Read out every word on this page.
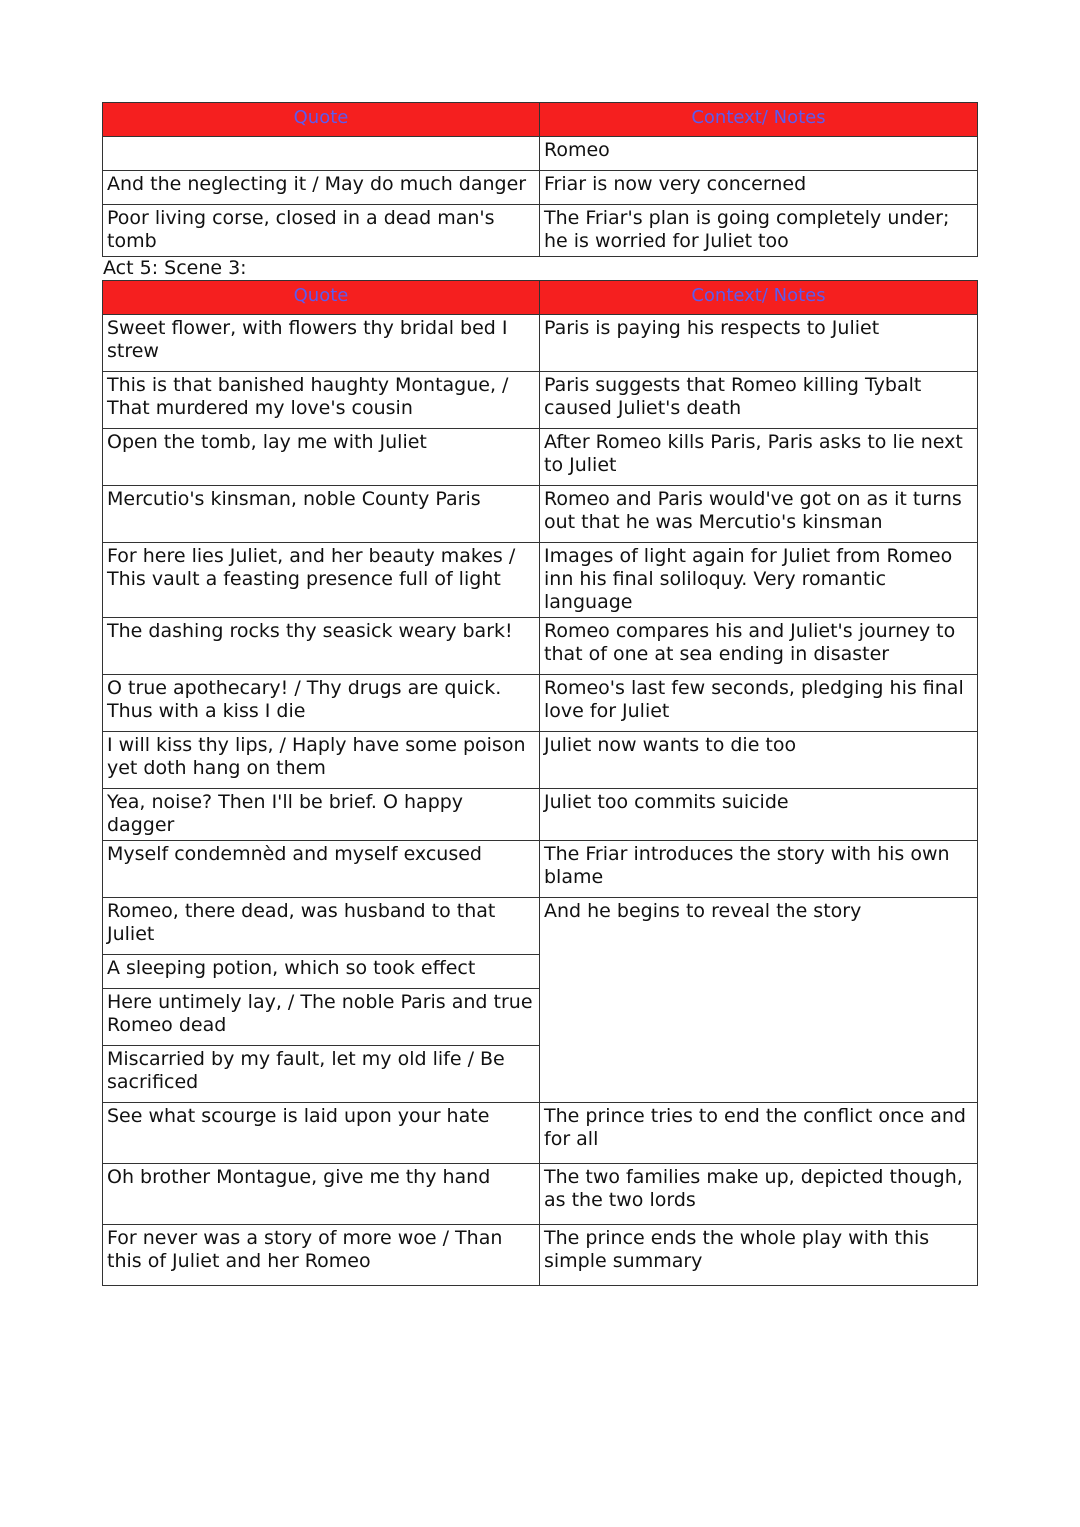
Quote	Context/ Notes
	Romeo
And the neglecting it / May do much danger	Friar is now very concerned
Poor living corse, closed in a dead man's tomb	The Friar's plan is going completely under; he is worried for Juliet too
Act 5: Scene 3:
Quote	Context/ Notes
Sweet flower, with flowers thy bridal bed I strew	Paris is paying his respects to Juliet
This is that banished haughty Montague, / That murdered my love's cousin	Paris suggests that Romeo killing Tybalt caused Juliet's death
Open the tomb, lay me with Juliet	After Romeo kills Paris, Paris asks to lie next to Juliet
Mercutio's kinsman, noble County Paris	Romeo and Paris would've got on as it turns out that he was Mercutio's kinsman
For here lies Juliet, and her beauty makes / This vault a feasting presence full of light	Images of light again for Juliet from Romeo inn his final soliloquy. Very romantic language
The dashing rocks thy seasick weary bark!	Romeo compares his and Juliet's journey to that of one at sea ending in disaster
O true apothecary! / Thy drugs are quick. Thus with a kiss I die	Romeo's last few seconds, pledging his final love for Juliet
I will kiss thy lips, / Haply have some poison yet doth hang on them	Juliet now wants to die too
Yea, noise? Then I'll be brief. O happy dagger	Juliet too commits suicide
Myself condemnèd and myself excused	The Friar introduces the story with his own blame
Romeo, there dead, was husband to that Juliet	And he begins to reveal the story
A sleeping potion, which so took effect	
Here untimely lay, / The noble Paris and true Romeo dead	
Miscarried by my fault, let my old life / Be sacrificed	
See what scourge is laid upon your hate	The prince tries to end the conflict once and for all
Oh brother Montague, give me thy hand	The two families make up, depicted though, as the two lords
For never was a story of more woe / Than this of Juliet and her Romeo	The prince ends the whole play with this simple summary
